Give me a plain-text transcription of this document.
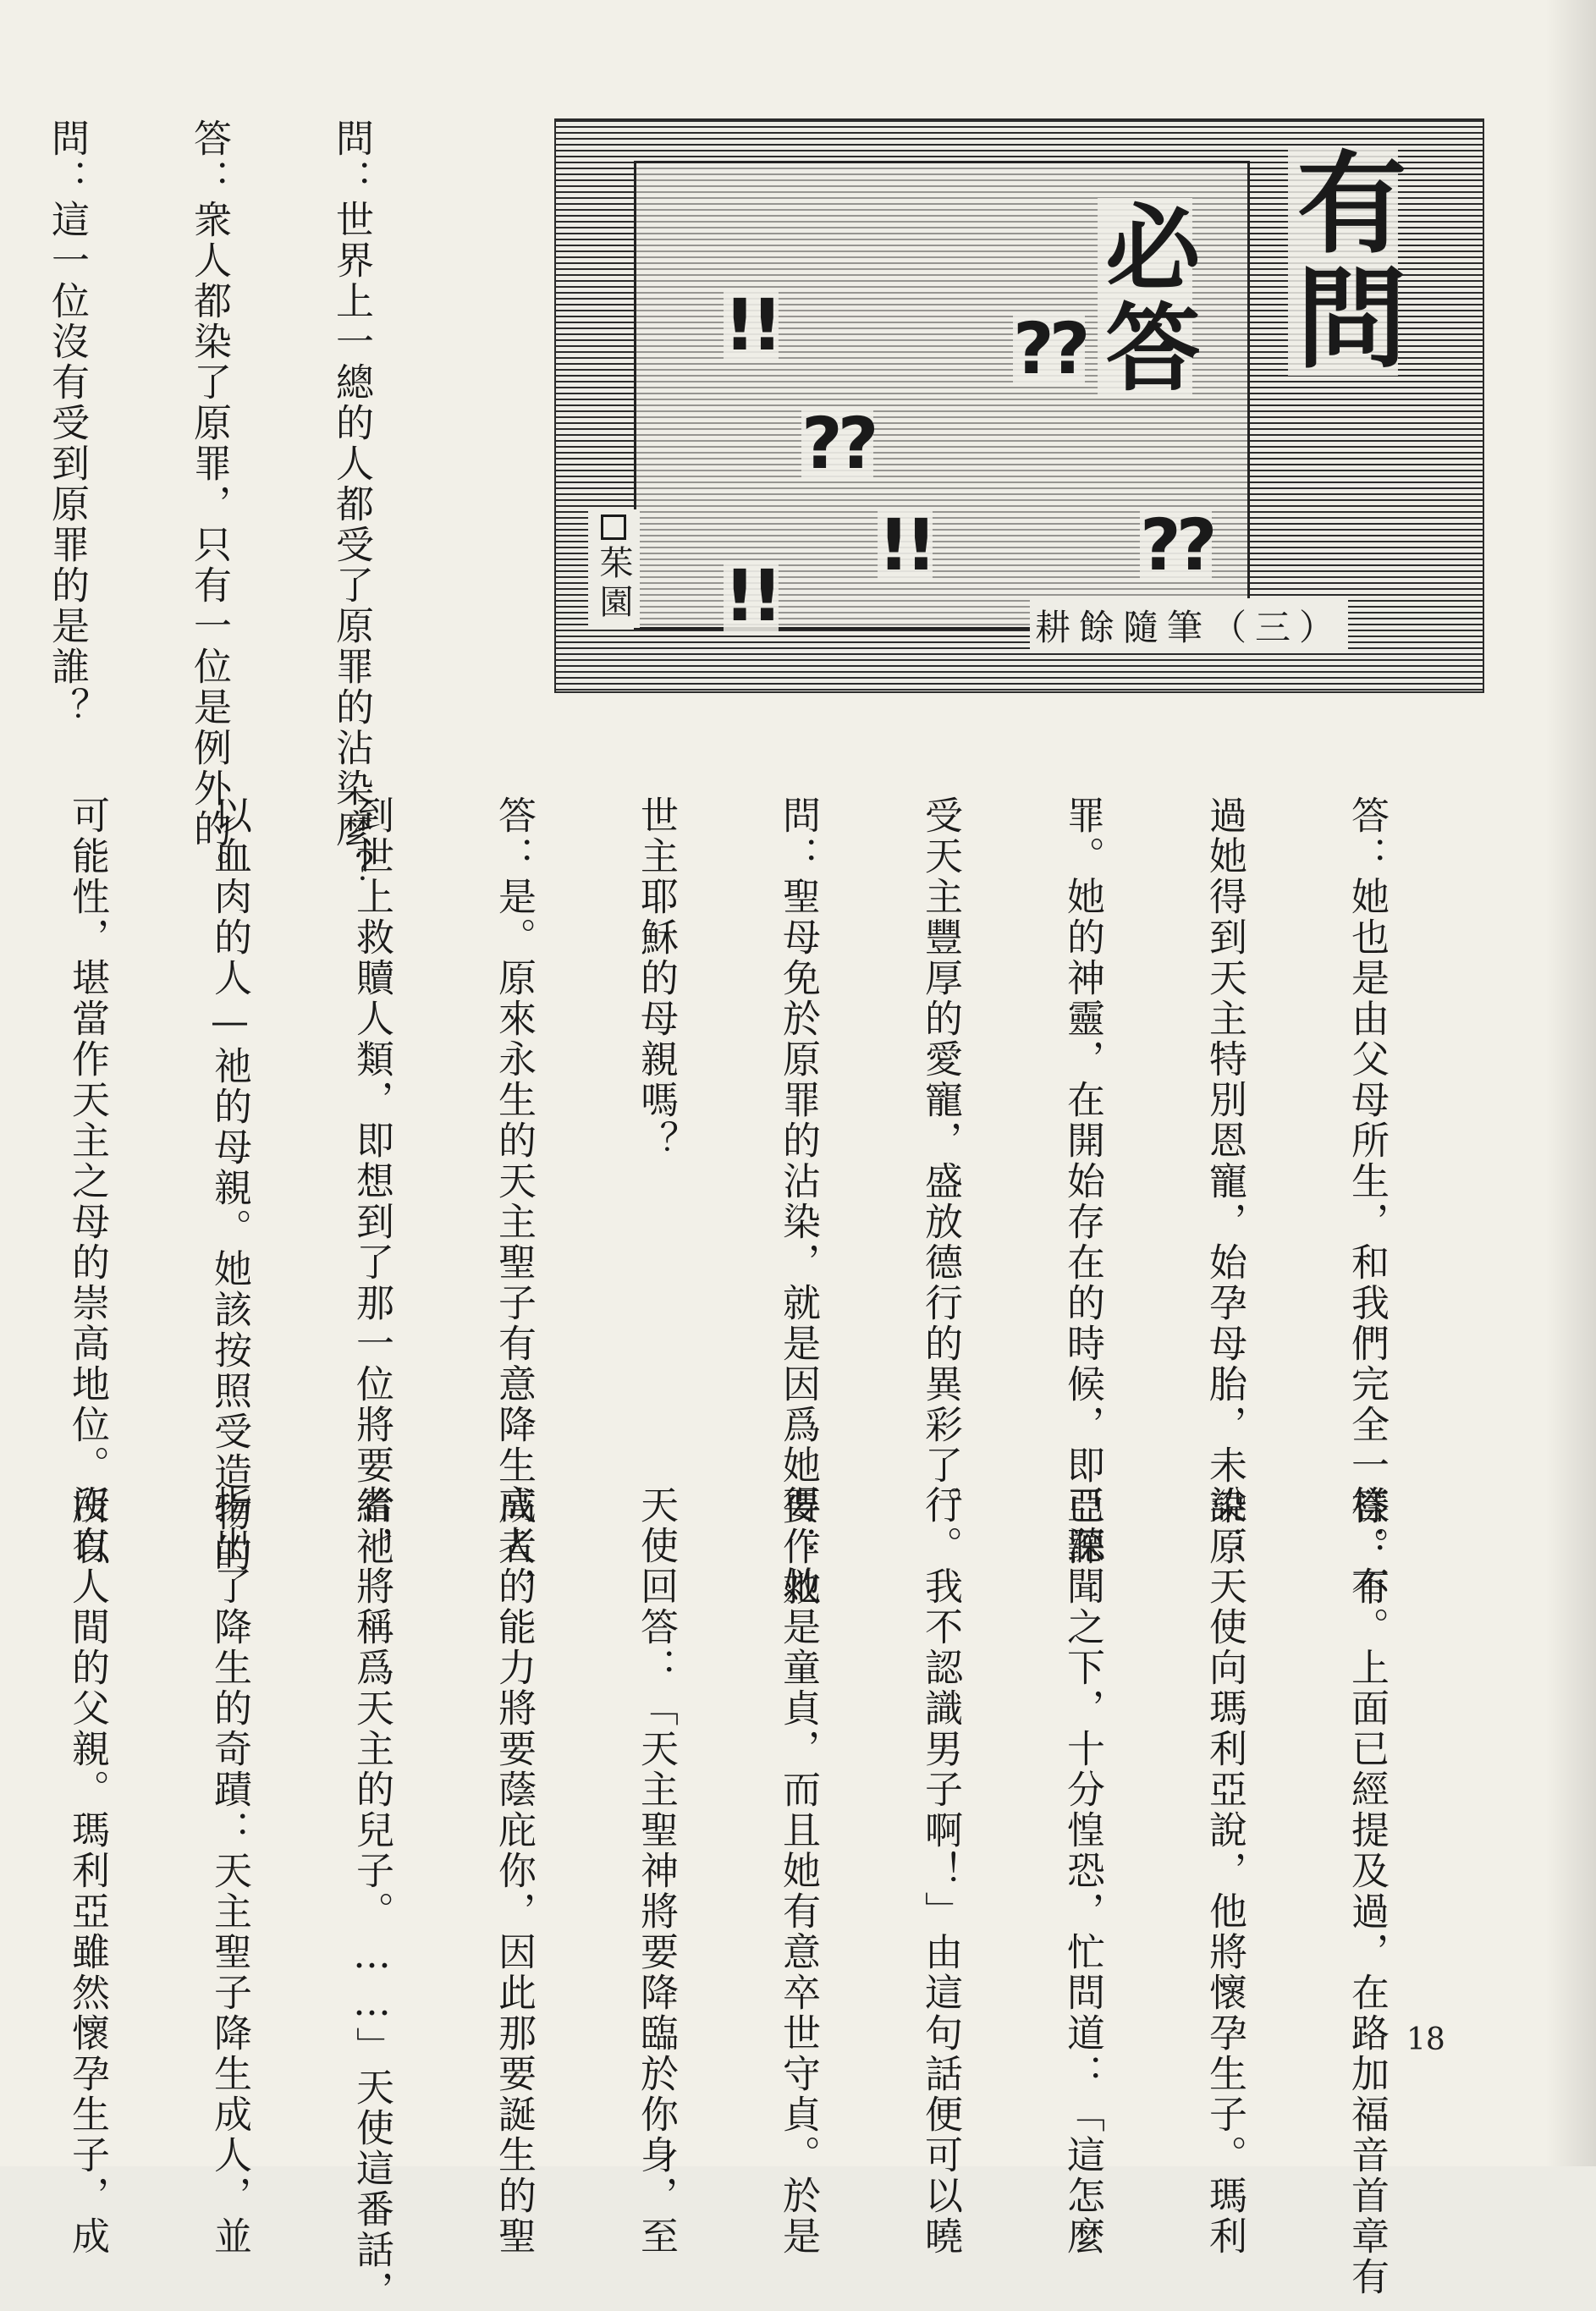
有問
必答
??
??
??
!!
!!
!!	耕餘隨筆（三）
茱園

問：世界上一總的人都受了原罪的沾染麼？

答：衆人都染了原罪，只有一位是例外的。

問：這一位沒有受到原罪的是誰？

答：她也是由父母所生，和我們完全一樣。不

過她得到天主特別恩寵，始孕母胎，未染原

罪。她的神靈，在開始存在的時候，即已深

受天主豐厚的愛寵，盛放德行的異彩了。

問：聖母免於原罪的沾染，就是因爲她要作救

世主耶穌的母親嗎？

答：是。原來永生的天主聖子有意降生成人，

到世上救贖人類，即想到了那一位將要給祂

以血肉的人—祂的母親。她該按照受造物的

可能性，堪當作天主之母的崇高地位。所以

答：有。上面已經提及過，在路加福音首章有

說：天使向瑪利亞說，他將懷孕生子。瑪利

亞聽聞之下，十分惶恐，忙問道：「這怎麼

行。我不認識男子啊！」由這句話便可以曉

得：她是童貞，而且她有意卒世守貞。於是

天使回答：「天主聖神將要降臨於你身，至

高者的能力將要蔭庇你，因此那要誕生的聖

者，將稱爲天主的兒子。……」天使這番話，

指出了降生的奇蹟：天主聖子降生成人，並

沒有人間的父親。瑪利亞雖然懷孕生子，成

	18
